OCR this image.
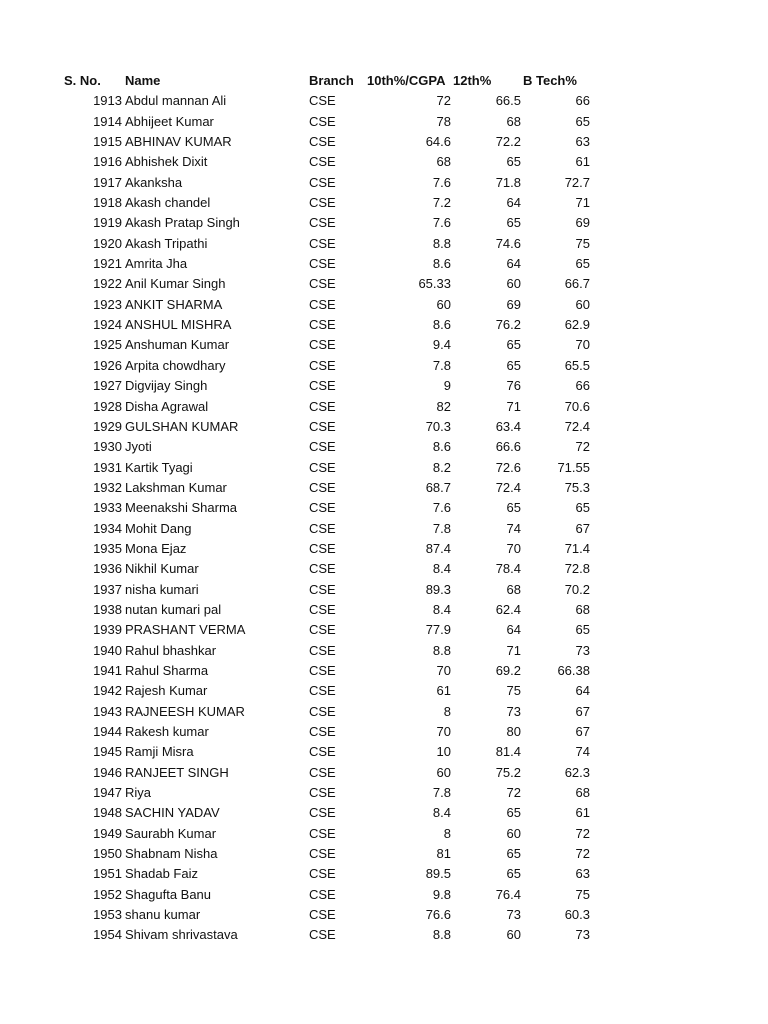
S. No. Name	Branch 10th%/CGPA 12th% B Tech%
1913 Abdul mannan Ali	CSE	72	66.5	66
1914 Abhijeet Kumar	CSE	78	68	65
1915 ABHINAV KUMAR	CSE	64.6	72.2	63
1916 Abhishek Dixit	CSE	68	65	61
1917 Akanksha	CSE	7.6	71.8	72.7
1918 Akash chandel	CSE	7.2	64	71
1919 Akash Pratap Singh	CSE	7.6	65	69
1920 Akash Tripathi	CSE	8.8	74.6	75
1921 Amrita Jha	CSE	8.6	64	65
1922 Anil Kumar Singh	CSE	65.33	60	66.7
1923 ANKIT SHARMA	CSE	60	69	60
1924 ANSHUL MISHRA	CSE	8.6	76.2	62.9
1925 Anshuman Kumar	CSE	9.4	65	70
1926 Arpita chowdhary	CSE	7.8	65	65.5
1927 Digvijay Singh	CSE	9	76	66
1928 Disha Agrawal	CSE	82	71	70.6
1929 GULSHAN KUMAR	CSE	70.3	63.4	72.4
1930 Jyoti	CSE	8.6	66.6	72
1931 Kartik Tyagi	CSE	8.2	72.6	71.55
1932 Lakshman Kumar	CSE	68.7	72.4	75.3
1933 Meenakshi Sharma	CSE	7.6	65	65
1934 Mohit Dang	CSE	7.8	74	67
1935 Mona Ejaz	CSE	87.4	70	71.4
1936 Nikhil Kumar	CSE	8.4	78.4	72.8
1937 nisha kumari	CSE	89.3	68	70.2
1938 nutan kumari pal	CSE	8.4	62.4	68
1939 PRASHANT VERMA	CSE	77.9	64	65
1940 Rahul bhashkar	CSE	8.8	71	73
1941 Rahul Sharma	CSE	70	69.2	66.38
1942 Rajesh Kumar	CSE	61	75	64
1943 RAJNEESH KUMAR	CSE	8	73	67
1944 Rakesh kumar	CSE	70	80	67
1945 Ramji Misra	CSE	10	81.4	74
1946 RANJEET SINGH	CSE	60	75.2	62.3
1947 Riya	CSE	7.8	72	68
1948 SACHIN YADAV	CSE	8.4	65	61
1949 Saurabh Kumar	CSE	8	60	72
1950 Shabnam Nisha	CSE	81	65	72
1951 Shadab Faiz	CSE	89.5	65	63
1952 Shagufta Banu	CSE	9.8	76.4	75
1953 shanu kumar	CSE	76.6	73	60.3
1954 Shivam shrivastava	CSE	8.8	60	73
